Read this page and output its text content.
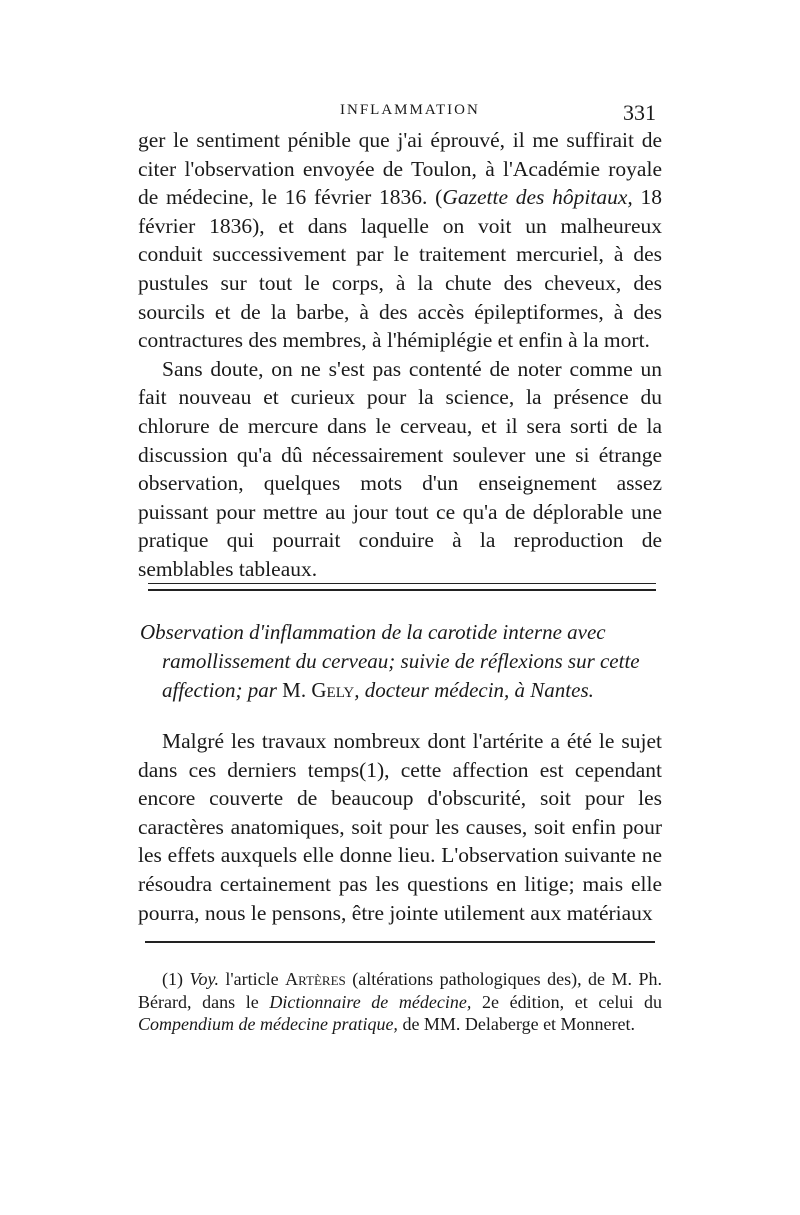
INFLAMMATION	331

ger le sentiment pénible que j'ai éprouvé, il me suffirait de citer l'observation envoyée de Toulon, à l'Académie royale de médecine, le 16 février 1836. (Gazette des hôpitaux, 18 février 1836), et dans laquelle on voit un malheureux conduit successivement par le traitement mercuriel, à des pustules sur tout le corps, à la chute des cheveux, des sourcils et de la barbe, à des accès épileptiformes, à des contractures des membres, à l'hémiplégie et enfin à la mort.

Sans doute, on ne s'est pas contenté de noter comme un fait nouveau et curieux pour la science, la présence du chlorure de mercure dans le cerveau, et il sera sorti de la discussion qu'a dû nécessairement soulever une si étrange observation, quelques mots d'un enseignement assez puissant pour mettre au jour tout ce qu'a de déplorable une pratique qui pourrait conduire à la reproduction de semblables tableaux.

Observation d'inflammation de la carotide interne avec ramollissement du cerveau; suivie de réflexions sur cette affection; par M. Gely, docteur médecin, à Nantes.

Malgré les travaux nombreux dont l'artérite a été le sujet dans ces derniers temps(1), cette affection est cependant encore couverte de beaucoup d'obscurité, soit pour les caractères anatomiques, soit pour les causes, soit enfin pour les effets auxquels elle donne lieu. L'observation suivante ne résoudra certainement pas les questions en litige; mais elle pourra, nous le pensons, être jointe utilement aux matériaux

(1) Voy. l'article Artères (altérations pathologiques des), de M. Ph. Bérard, dans le Dictionnaire de médecine, 2e édition, et celui du Compendium de médecine pratique, de MM. Delaberge et Monneret.
